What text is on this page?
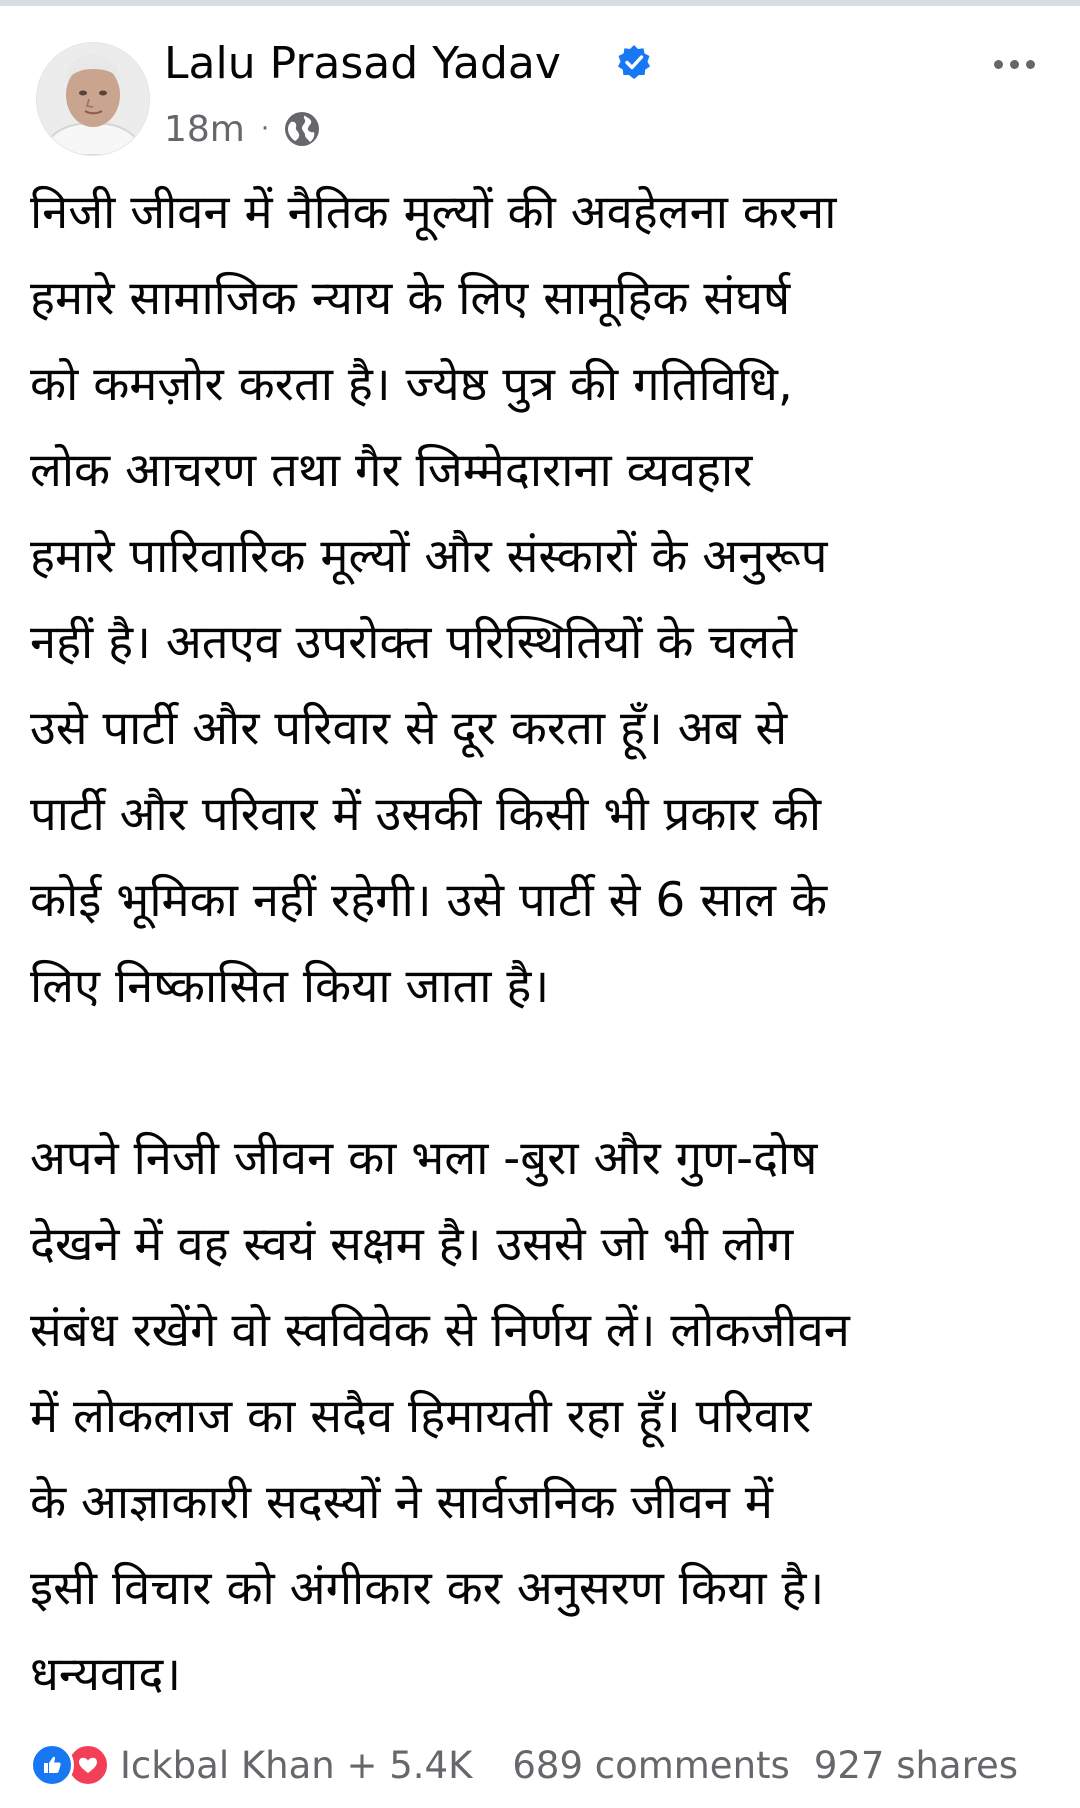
Lalu Prasad Yadav
18m ·

निजी जीवन में नैतिक मूल्यों की अवहेलना करना
हमारे सामाजिक न्याय के लिए सामूहिक संघर्ष
को कमज़ोर करता है। ज्येष्ठ पुत्र की गतिविधि,
लोक आचरण तथा गैर जिम्मेदाराना व्यवहार
हमारे पारिवारिक मूल्यों और संस्कारों के अनुरूप
नहीं है। अतएव उपरोक्त परिस्थितियों के चलते
उसे पार्टी और परिवार से दूर करता हूँ। अब से
पार्टी और परिवार में उसकी किसी भी प्रकार की
कोई भूमिका नहीं रहेगी। उसे पार्टी से 6 साल के
लिए निष्कासित किया जाता है।

अपने निजी जीवन का भला -बुरा और गुण-दोष
देखने में वह स्वयं सक्षम है। उससे जो भी लोग
संबंध रखेंगे वो स्वविवेक से निर्णय लें। लोकजीवन
में लोकलाज का सदैव हिमायती रहा हूँ। परिवार
के आज्ञाकारी सदस्यों ने सार्वजनिक जीवन में
इसी विचार को अंगीकार कर अनुसरण किया है।
धन्यवाद।

Ickbal Khan + 5.4K 689 comments 927 shares
